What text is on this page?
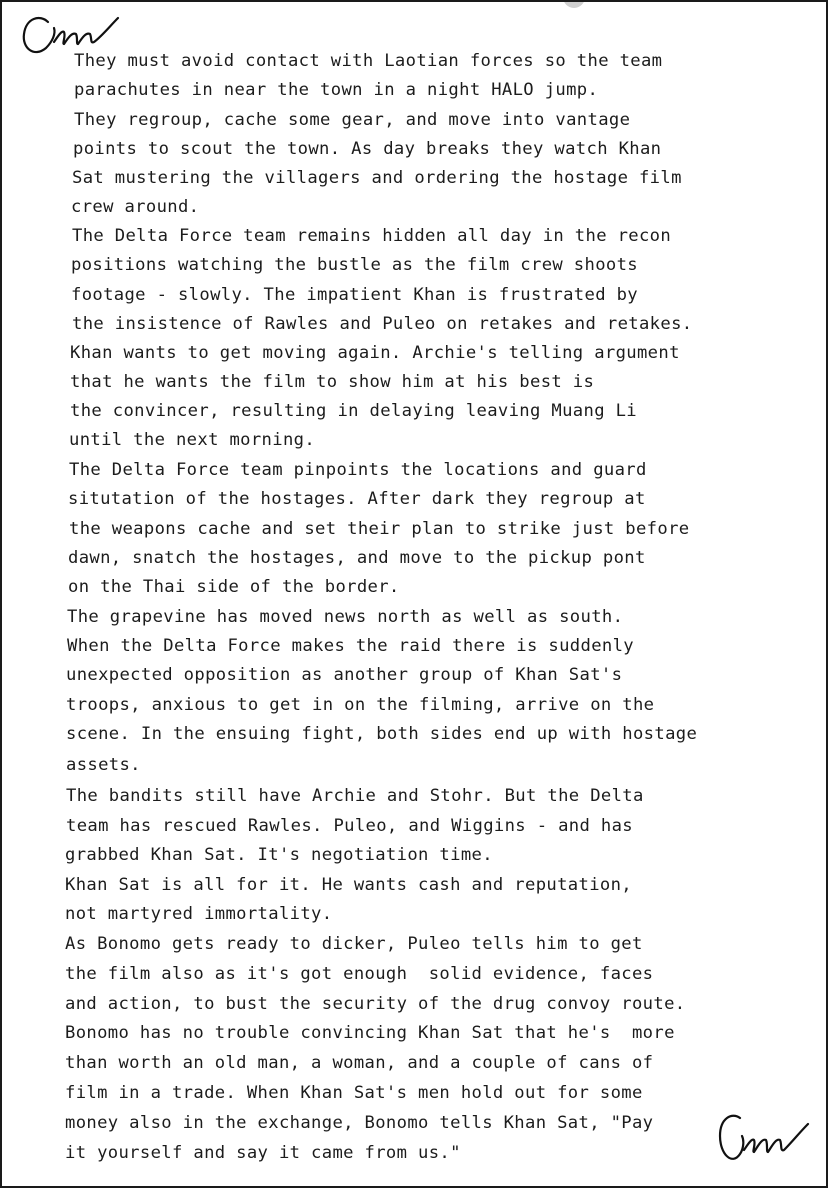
They must avoid contact with Laotian forces so the team
parachutes in near the town in a night HALO jump.
They regroup, cache some gear, and move into vantage
points to scout the town. As day breaks they watch Khan
Sat mustering the villagers and ordering the hostage film
crew around.
The Delta Force team remains hidden all day in the recon
positions watching the bustle as the film crew shoots
footage - slowly. The impatient Khan is frustrated by
the insistence of Rawles and Puleo on retakes and retakes.
Khan wants to get moving again. Archie's telling argument
that he wants the film to show him at his best is
the convincer, resulting in delaying leaving Muang Li
until the next morning.
The Delta Force team pinpoints the locations and guard
situtation of the hostages. After dark they regroup at
the weapons cache and set their plan to strike just before
dawn, snatch the hostages, and move to the pickup pont
on the Thai side of the border.
The grapevine has moved news north as well as south.
When the Delta Force makes the raid there is suddenly
unexpected opposition as another group of Khan Sat's
troops, anxious to get in on the filming, arrive on the
scene. In the ensuing fight, both sides end up with hostage
assets.
The bandits still have Archie and Stohr. But the Delta
team has rescued Rawles. Puleo, and Wiggins - and has
grabbed Khan Sat. It's negotiation time.
Khan Sat is all for it. He wants cash and reputation,
not martyred immortality.
As Bonomo gets ready to dicker, Puleo tells him to get
the film also as it's got enough  solid evidence, faces
and action, to bust the security of the drug convoy route.
Bonomo has no trouble convincing Khan Sat that he's  more
than worth an old man, a woman, and a couple of cans of
film in a trade. When Khan Sat's men hold out for some
money also in the exchange, Bonomo tells Khan Sat, "Pay
it yourself and say it came from us."
